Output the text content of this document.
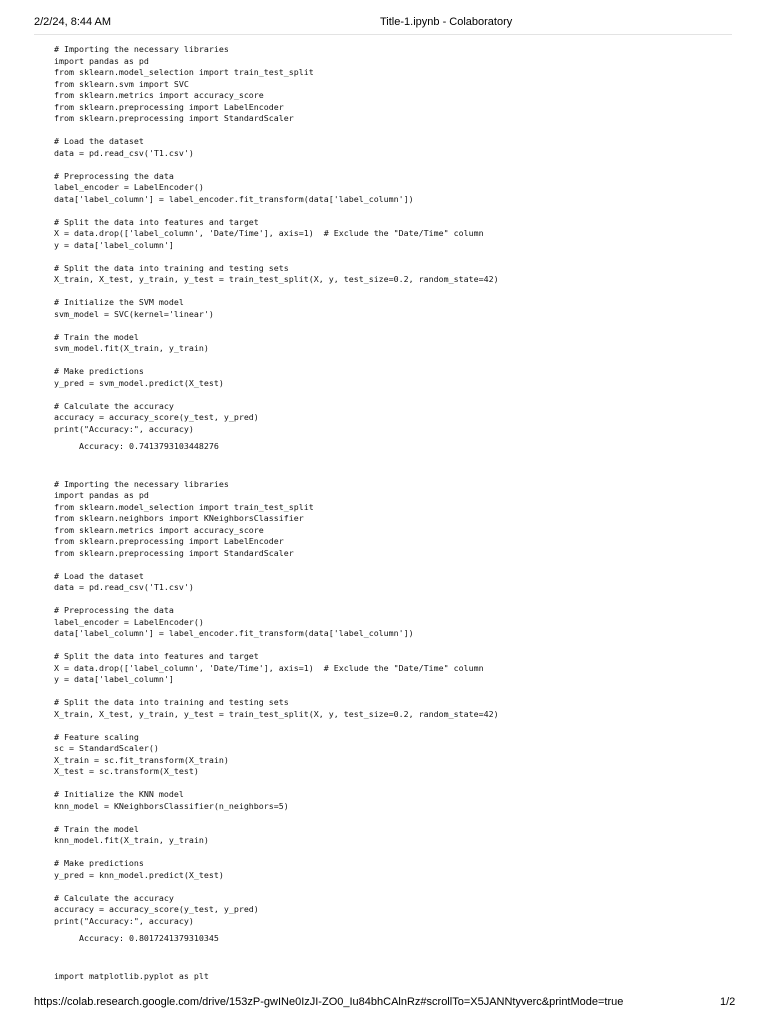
2/2/24, 8:44 AM	Title-1.ipynb - Colaboratory
# Importing the necessary libraries
import pandas as pd
from sklearn.model_selection import train_test_split
from sklearn.svm import SVC
from sklearn.metrics import accuracy_score
from sklearn.preprocessing import LabelEncoder
from sklearn.preprocessing import StandardScaler
# Load the dataset
data = pd.read_csv('T1.csv')
# Preprocessing the data
label_encoder = LabelEncoder()
data['label_column'] = label_encoder.fit_transform(data['label_column'])
# Split the data into features and target
X = data.drop(['label_column', 'Date/Time'], axis=1)  # Exclude the "Date/Time" column
y = data['label_column']
# Split the data into training and testing sets
X_train, X_test, y_train, y_test = train_test_split(X, y, test_size=0.2, random_state=42)
# Initialize the SVM model
svm_model = SVC(kernel='linear')
# Train the model
svm_model.fit(X_train, y_train)
# Make predictions
y_pred = svm_model.predict(X_test)
# Calculate the accuracy
accuracy = accuracy_score(y_test, y_pred)
print("Accuracy:", accuracy)
Accuracy: 0.7413793103448276
# Importing the necessary libraries
import pandas as pd
from sklearn.model_selection import train_test_split
from sklearn.neighbors import KNeighborsClassifier
from sklearn.metrics import accuracy_score
from sklearn.preprocessing import LabelEncoder
from sklearn.preprocessing import StandardScaler
# Load the dataset
data = pd.read_csv('T1.csv')
# Preprocessing the data
label_encoder = LabelEncoder()
data['label_column'] = label_encoder.fit_transform(data['label_column'])
# Split the data into features and target
X = data.drop(['label_column', 'Date/Time'], axis=1)  # Exclude the "Date/Time" column
y = data['label_column']
# Split the data into training and testing sets
X_train, X_test, y_train, y_test = train_test_split(X, y, test_size=0.2, random_state=42)
# Feature scaling
sc = StandardScaler()
X_train = sc.fit_transform(X_train)
X_test = sc.transform(X_test)
# Initialize the KNN model
knn_model = KNeighborsClassifier(n_neighbors=5)
# Train the model
knn_model.fit(X_train, y_train)
# Make predictions
y_pred = knn_model.predict(X_test)
# Calculate the accuracy
accuracy = accuracy_score(y_test, y_pred)
print("Accuracy:", accuracy)
Accuracy: 0.8017241379310345
import matplotlib.pyplot as plt
https://colab.research.google.com/drive/153zP-gwINe0IzJI-ZO0_Iu84bhCAlnRz#scrollTo=X5JANNtyverc&printMode=true	1/2
